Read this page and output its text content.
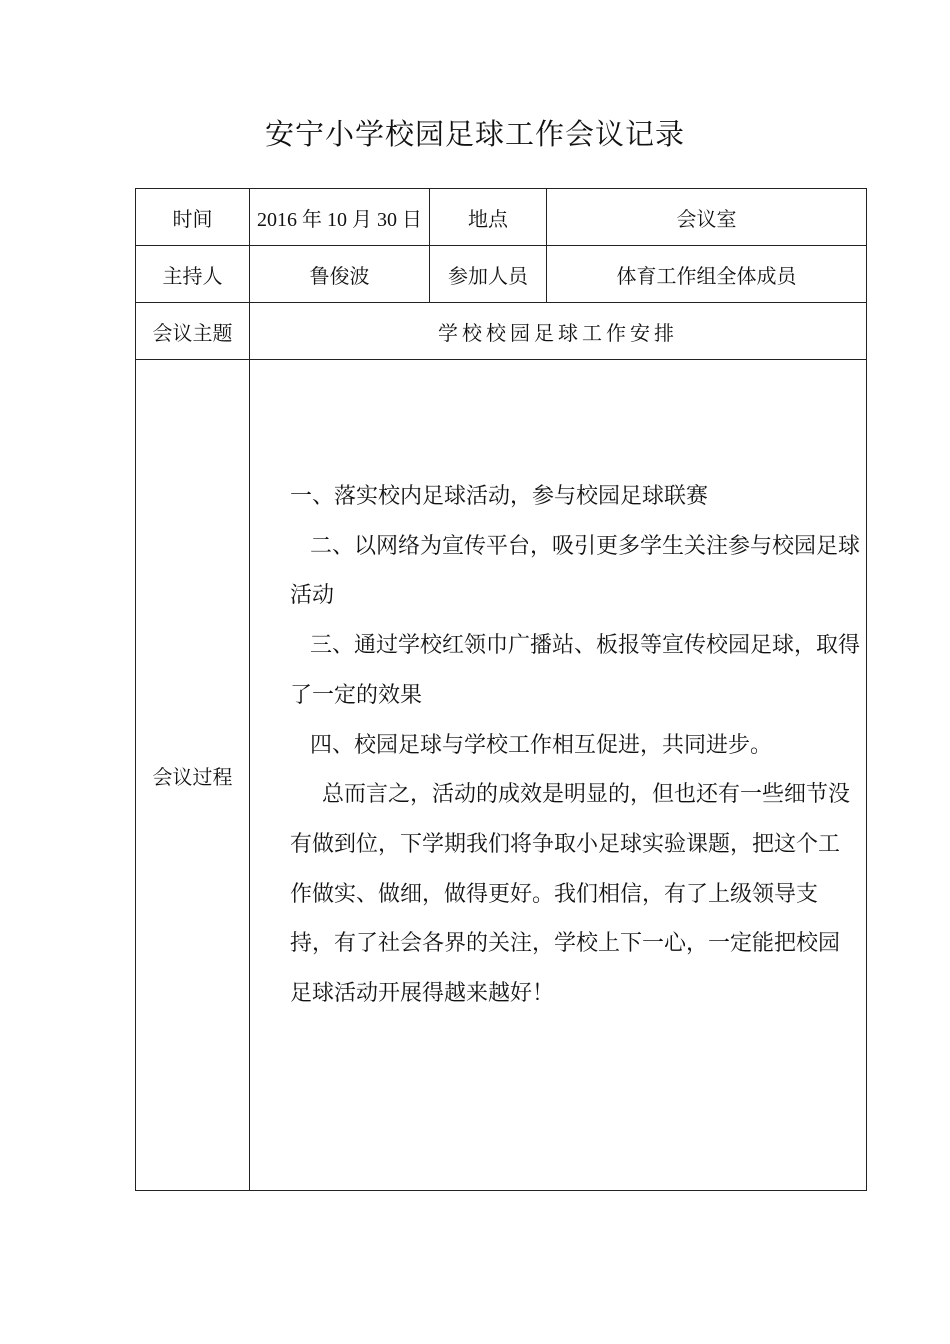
安宁小学校园足球工作会议记录
时间	2016 年 10 月 30 日	地点	会议室
主持人	鲁俊波	参加人员	体育工作组全体成员
会议主题	学校校园足球工作安排		
会议过程	一、落实校内足球活动，参与校园足球联赛

二、以网络为宣传平台，吸引更多学生关注参与校园足球活动

三、通过学校红领巾广播站、板报等宣传校园足球，取得了一定的效果

四、校园足球与学校工作相互促进，共同进步。

总而言之，活动的成效是明显的，但也还有一些细节没有做到位，下学期我们将争取小足球实验课题，把这个工作做实、做细，做得更好。我们相信，有了上级领导支持，有了社会各界的关注，学校上下一心，一定能把校园足球活动开展得越来越好！		
